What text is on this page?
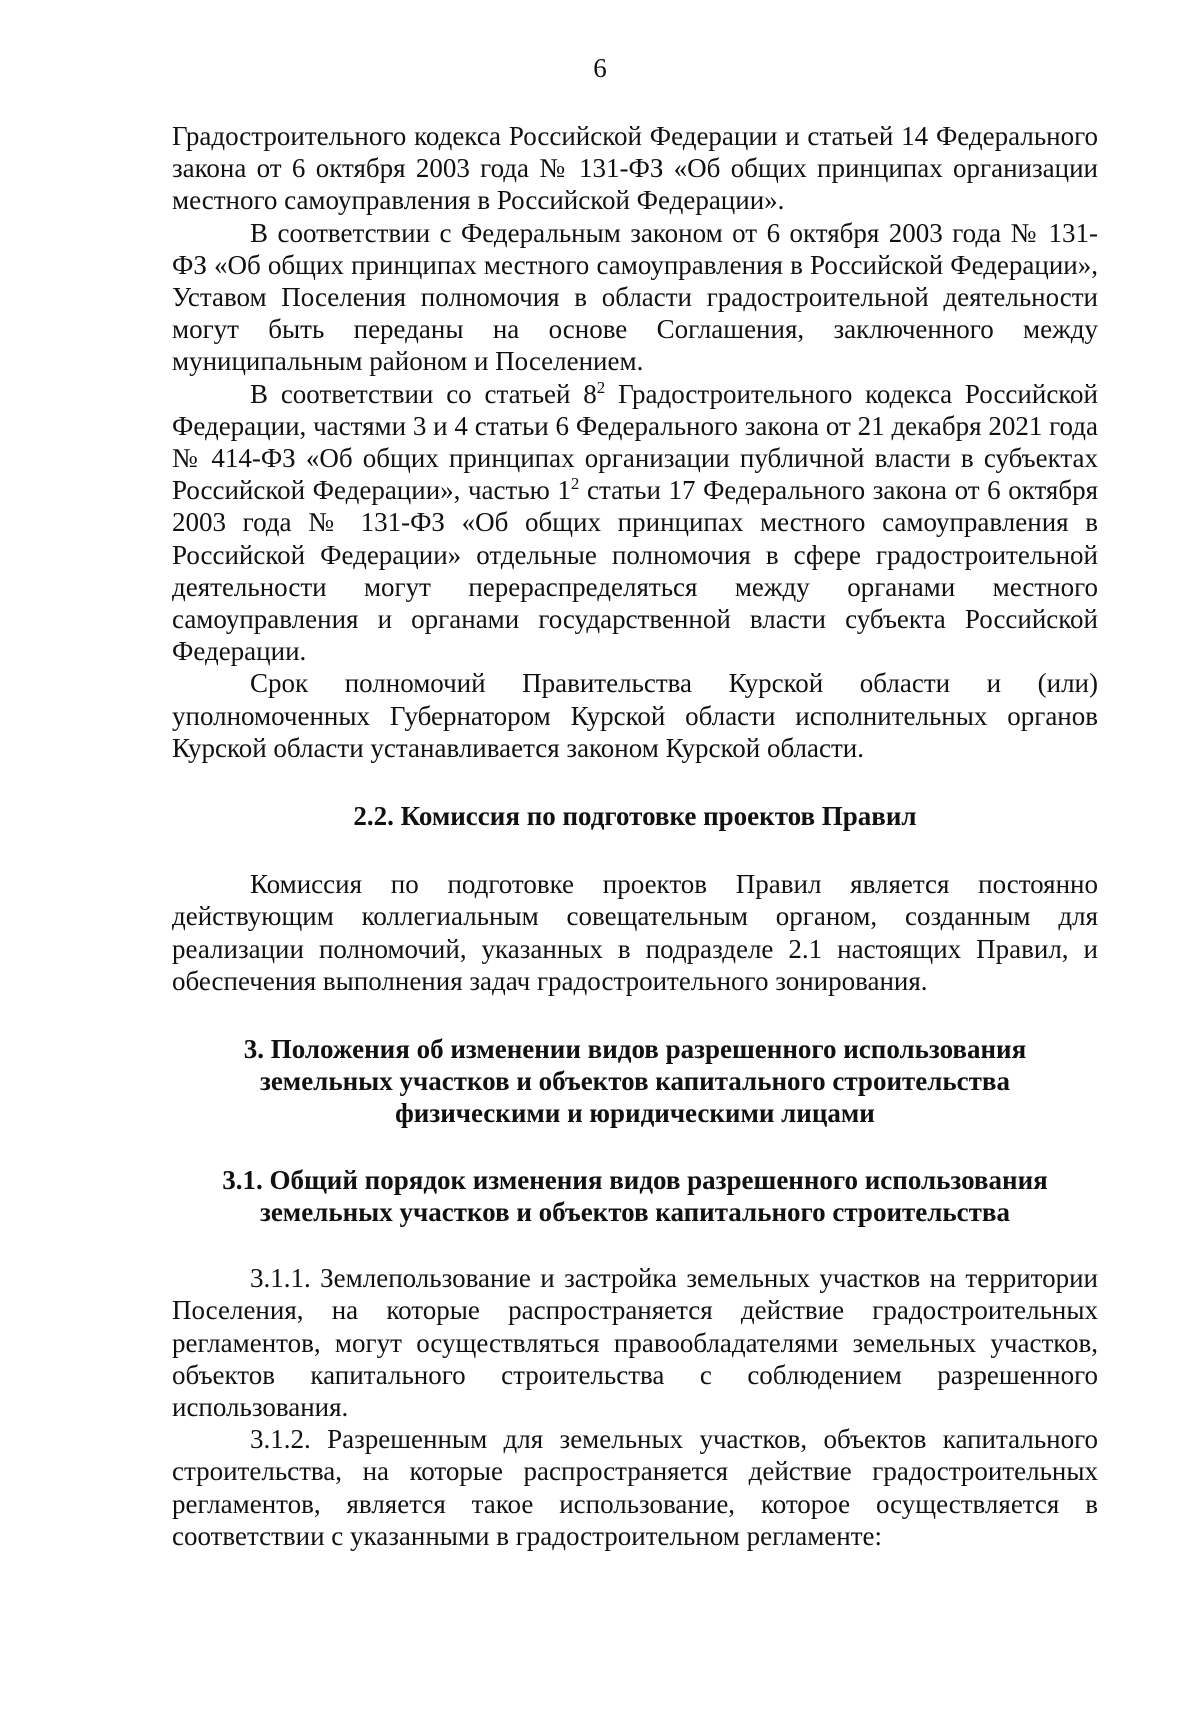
6

Градостроительного кодекса Российской Федерации и статьей 14 Федерального закона от 6 октября 2003 года № 131-ФЗ «Об общих принципах организации местного самоуправления в Российской Федерации».

В соответствии с Федеральным законом от 6 октября 2003 года № 131-ФЗ «Об общих принципах местного самоуправления в Российской Федерации», Уставом Поселения полномочия в области градостроительной деятельности могут быть переданы на основе Соглашения, заключенного между муниципальным районом и Поселением.

В соответствии со статьей $8^2$ Градостроительного кодекса Российской Федерации, частями 3 и 4 статьи 6 Федерального закона от 21 декабря 2021 года № 414-ФЗ «Об общих принципах организации публичной власти в субъектах Российской Федерации», частью $1^2$ статьи 17 Федерального закона от 6 октября 2003 года № 131-ФЗ «Об общих принципах местного самоуправления в Российской Федерации» отдельные полномочия в сфере градостроительной деятельности могут перераспределяться между органами местного самоуправления и органами государственной власти субъекта Российской Федерации.

Срок полномочий Правительства Курской области и (или) уполномоченных Губернатором Курской области исполнительных органов Курской области устанавливается законом Курской области.

2.2. Комиссия по подготовке проектов Правил

Комиссия по подготовке проектов Правил является постоянно действующим коллегиальным совещательным органом, созданным для реализации полномочий, указанных в подразделе 2.1 настоящих Правил, и обеспечения выполнения задач градостроительного зонирования.

3. Положения об изменении видов разрешенного использования

земельных участков и объектов капитального строительства

физическими и юридическими лицами

3.1. Общий порядок изменения видов разрешенного использования

земельных участков и объектов капитального строительства

3.1.1. Землепользование и застройка земельных участков на территории Поселения, на которые распространяется действие градостроительных регламентов, могут осуществляться правообладателями земельных участков, объектов капитального строительства с соблюдением разрешенного использования.

3.1.2. Разрешенным для земельных участков, объектов капитального строительства, на которые распространяется действие градостроительных регламентов, является такое использование, которое осуществляется в соответствии с указанными в градостроительном регламенте:
